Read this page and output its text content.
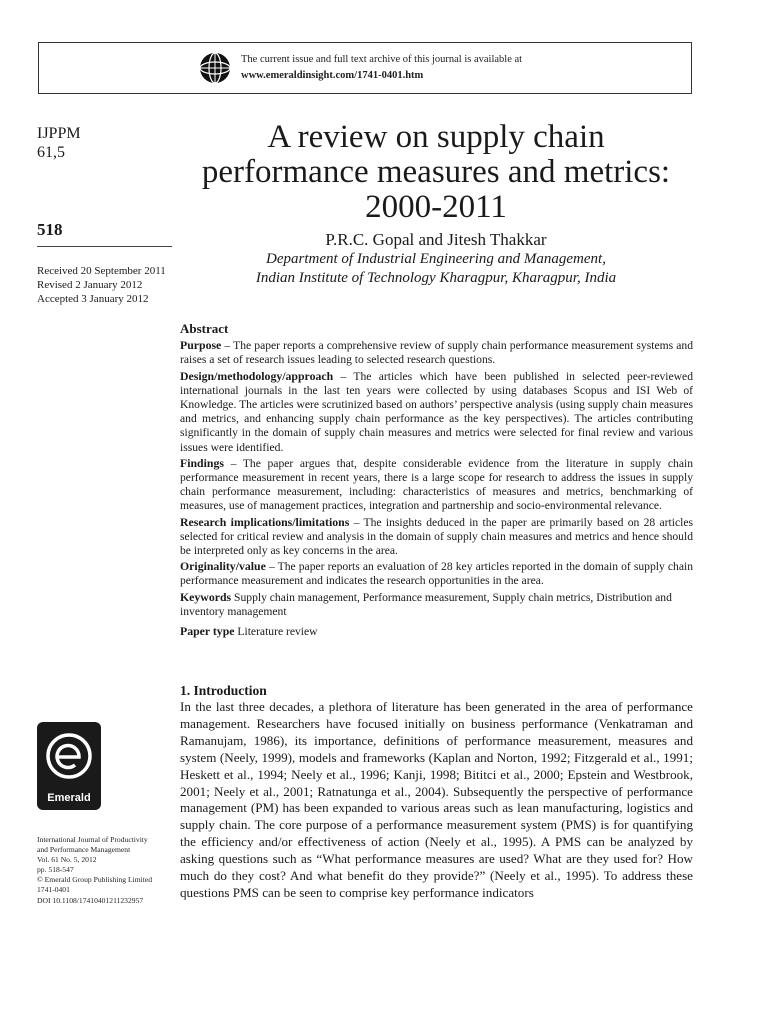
The current issue and full text archive of this journal is available at
www.emeraldinsight.com/1741-0401.htm
IJPPM
61,5
518
Received 20 September 2011
Revised 2 January 2012
Accepted 3 January 2012
A review on supply chain performance measures and metrics: 2000-2011
P.R.C. Gopal and Jitesh Thakkar
Department of Industrial Engineering and Management,
Indian Institute of Technology Kharagpur, Kharagpur, India
Abstract

Purpose – The paper reports a comprehensive review of supply chain performance measurement systems and raises a set of research issues leading to selected research questions.

Design/methodology/approach – The articles which have been published in selected peer-reviewed international journals in the last ten years were collected by using databases Scopus and ISI Web of Knowledge. The articles were scrutinized based on authors’ perspective analysis (using supply chain measures and metrics, and enhancing supply chain performance as the key perspectives). The articles contributing significantly in the domain of supply chain measures and metrics were selected for final review and various issues were identified.

Findings – The paper argues that, despite considerable evidence from the literature in supply chain performance measurement in recent years, there is a large scope for research to address the issues in supply chain performance measurement, including: characteristics of measures and metrics, benchmarking of measures, use of management practices, integration and partnership and socio-environmental relevance.

Research implications/limitations – The insights deduced in the paper are primarily based on 28 articles selected for critical review and analysis in the domain of supply chain measures and metrics and hence should be interpreted only as key concerns in the area.

Originality/value – The paper reports an evaluation of 28 key articles reported in the domain of supply chain performance measurement and indicates the research opportunities in the area.

Keywords Supply chain management, Performance measurement, Supply chain metrics, Distribution and inventory management

Paper type Literature review

1. Introduction
In the last three decades, a plethora of literature has been generated in the area of performance management. Researchers have focused initially on business performance (Venkatraman and Ramanujam, 1986), its importance, definitions of performance measurement, measures and system (Neely, 1999), models and frameworks (Kaplan and Norton, 1992; Fitzgerald et al., 1991; Heskett et al., 1994; Neely et al., 1996; Kanji, 1998; Bititci et al., 2000; Epstein and Westbrook, 2001; Neely et al., 2001; Ratnatunga et al., 2004). Subsequently the perspective of performance management (PM) has been expanded to various areas such as lean manufacturing, logistics and supply chain. The core purpose of a performance measurement system (PMS) is for quantifying the efficiency and/or effectiveness of action (Neely et al., 1995). A PMS can be analyzed by asking questions such as “What performance measures are used? What are they used for? How much do they cost? And what benefit do they provide?” (Neely et al., 1995). To address these questions PMS can be seen to comprise key performance indicators
Emerald
International Journal of Productivity
and Performance Management
Vol. 61 No. 5, 2012
pp. 518-547
© Emerald Group Publishing Limited
1741-0401
DOI 10.1108/17410401211232957
